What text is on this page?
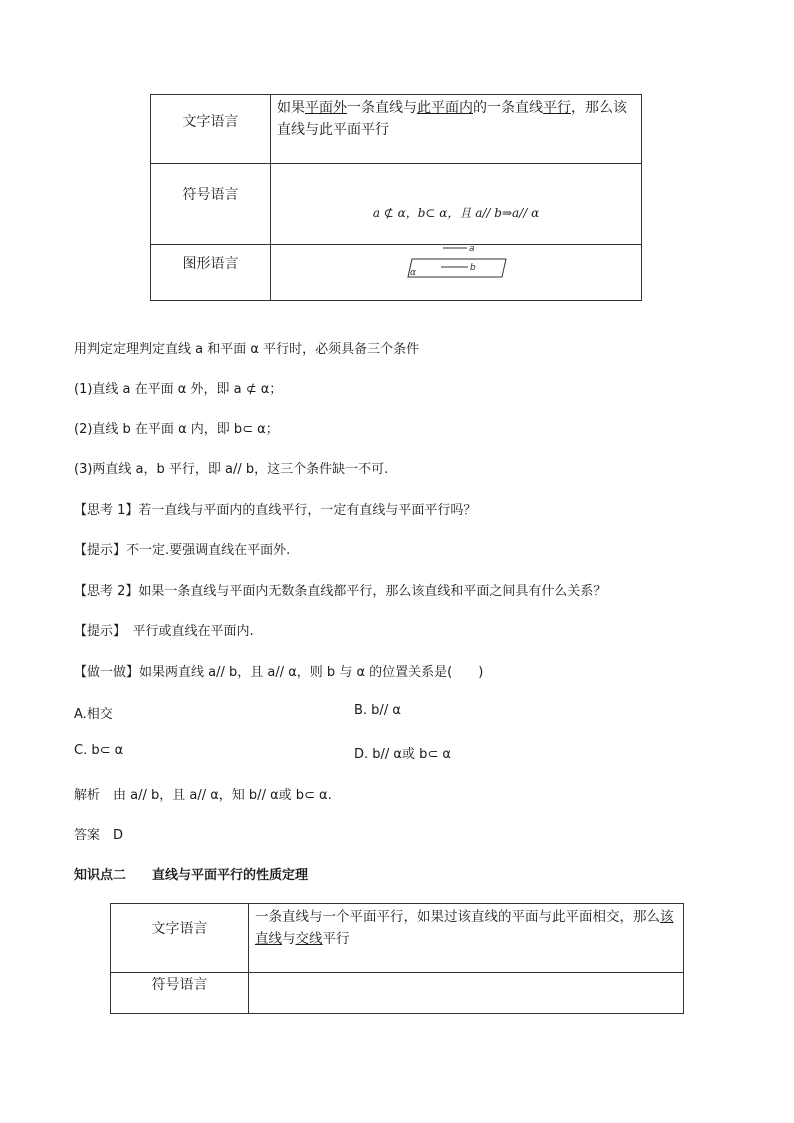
文字语言	如果平面外一条直线与此平面内的一条直线平行，那么该直线与此平面平行

符号语言	a ⊄ α，b⊂ α，且 a// b⇒a// α

图形语言	a
b
α
用判定定理判定直线 a 和平面 α 平行时，必须具备三个条件
(1)直线 a 在平面 α 外，即 a ⊄ α；
(2)直线 b 在平面 α 内，即 b⊂ α；
(3)两直线 a，b 平行，即 a// b，这三个条件缺一不可.
【思考 1】若一直线与平面内的直线平行，一定有直线与平面平行吗？
【提示】不一定.要强调直线在平面外.
【思考 2】如果一条直线与平面内无数条直线都平行，那么该直线和平面之间具有什么关系？
【提示】　平行或直线在平面内.
【做一做】如果两直线 a// b，且 a// α，则 b 与 α 的位置关系是(　　)
A.相交	B. b// α
C. b⊂ α	D. b// α或 b⊂ α
解析　由 a// b，且 a// α，知 b// α或 b⊂ α.
答案　D
知识点二　　直线与平面平行的性质定理
文字语言	一条直线与一个平面平行，如果过该直线的平面与此平面相交，那么该直线与交线平行

符号语言	
